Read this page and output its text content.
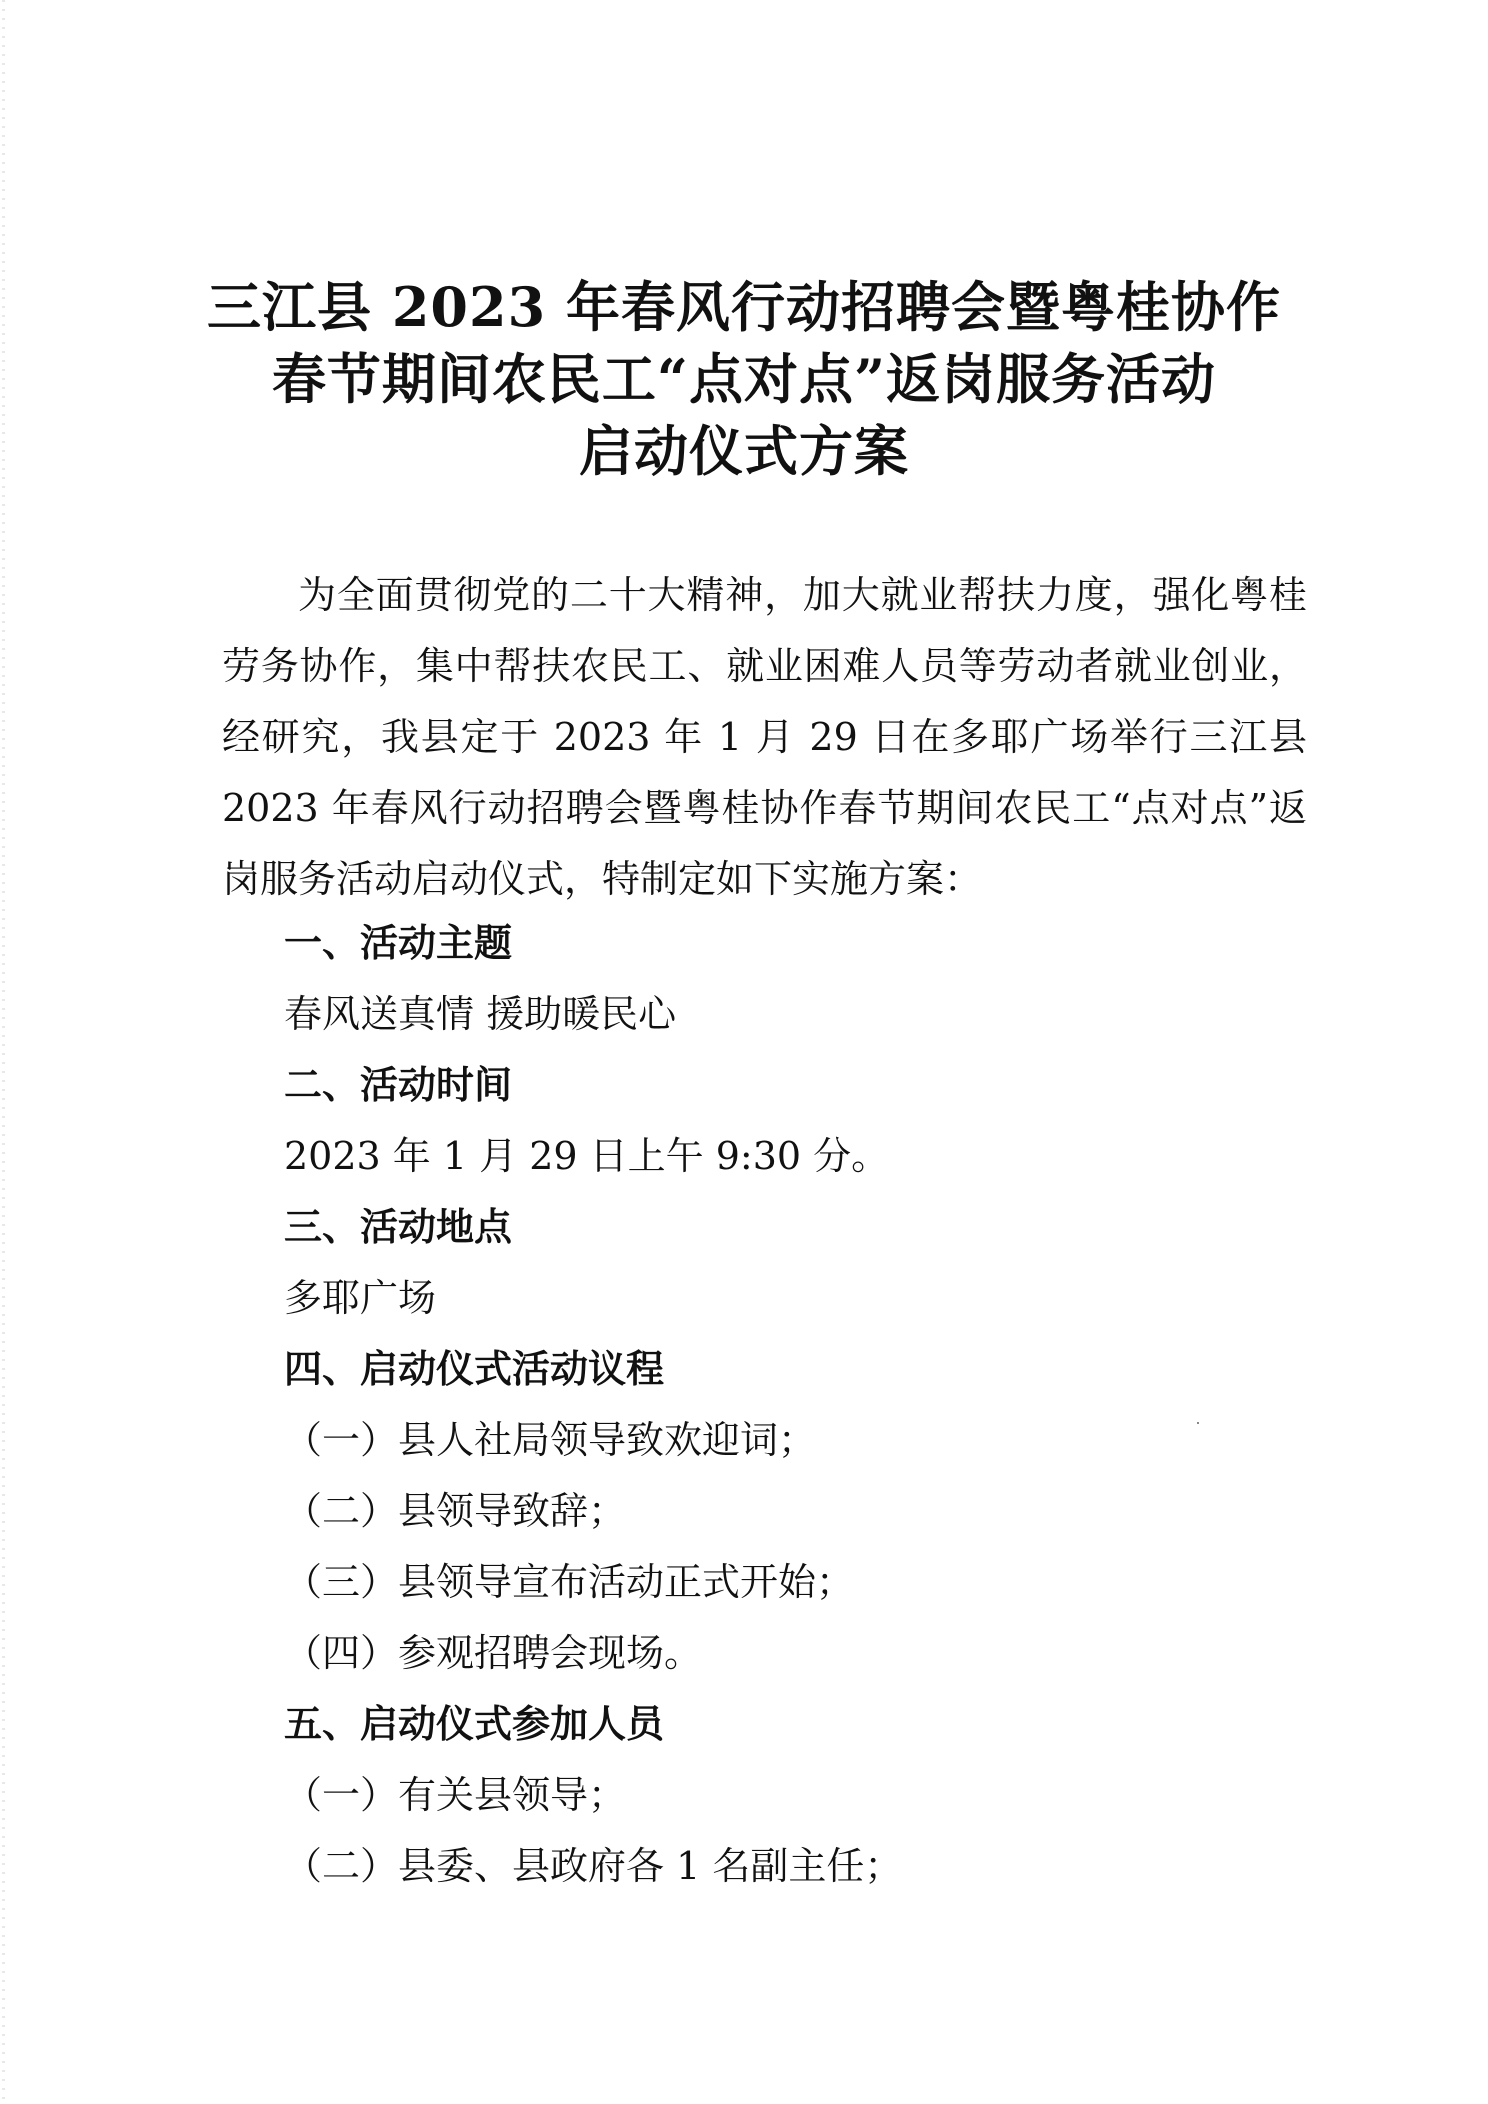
三江县 2023 年春风行动招聘会暨粤桂协作
春节期间农民工“点对点”返岗服务活动
启动仪式方案

为全面贯彻党的二十大精神，加大就业帮扶力度，强化粤桂劳务协作，集中帮扶农民工、就业困难人员等劳动者就业创业，经研究，我县定于 2023 年 1 月 29 日在多耶广场举行三江县 2023 年春风行动招聘会暨粤桂协作春节期间农民工“点对点”返岗服务活动启动仪式，特制定如下实施方案：

一、活动主题
春风送真情 援助暖民心
二、活动时间
2023 年 1 月 29 日上午 9:30 分。
三、活动地点
多耶广场
四、启动仪式活动议程
（一）县人社局领导致欢迎词；
（二）县领导致辞；
（三）县领导宣布活动正式开始；
（四）参观招聘会现场。
五、启动仪式参加人员
（一）有关县领导；
（二）县委、县政府各 1 名副主任；
